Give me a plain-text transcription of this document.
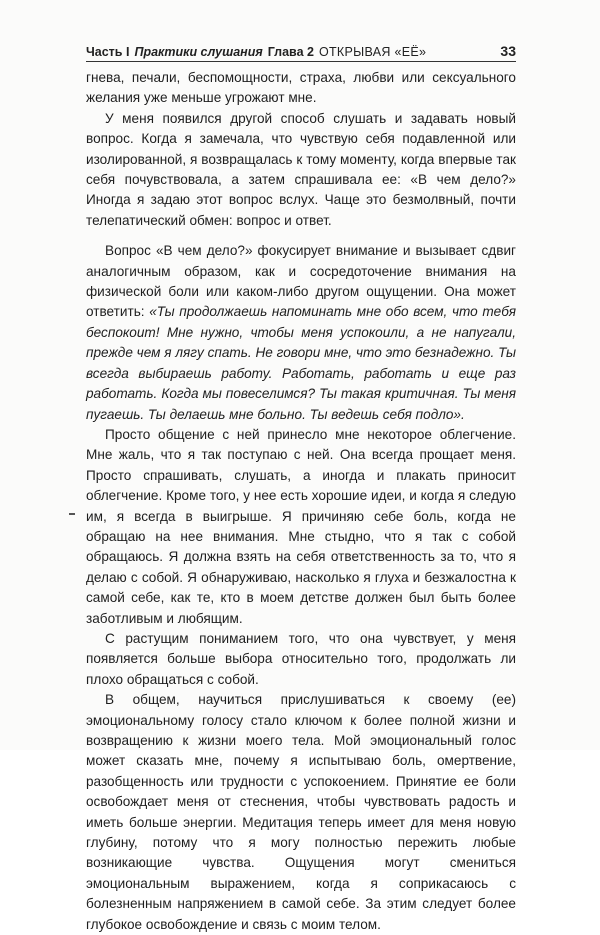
Часть I Практики слушания Глава 2 ОТКРЫВАЯ «ЕЁ»	33

гнева, печали, беспомощности, страха, любви или сексуального желания уже меньше угрожают мне.

У меня появился другой способ слушать и задавать новый вопрос. Когда я замечала, что чувствую себя подавленной или изолированной, я возвращалась к тому моменту, когда впервые так себя почувствовала, а затем спрашивала ее: «В чем дело?» Иногда я задаю этот вопрос вслух. Чаще это безмолвный, почти телепатический обмен: вопрос и ответ.

Вопрос «В чем дело?» фокусирует внимание и вызывает сдвиг аналогичным образом, как и сосредоточение внимания на физической боли или каком-либо другом ощущении. Она может ответить: «Ты продолжаешь напоминать мне обо всем, что тебя беспокоит! Мне нужно, чтобы меня успокоили, а не напугали, прежде чем я лягу спать. Не говори мне, что это безнадежно. Ты всегда выбираешь работу. Работать, работать и еще раз работать. Когда мы повеселимся? Ты такая критичная. Ты меня пугаешь. Ты делаешь мне больно. Ты ведешь себя подло».

Просто общение с ней принесло мне некоторое облегчение. Мне жаль, что я так поступаю с ней. Она всегда прощает меня. Просто спрашивать, слушать, а иногда и плакать приносит облегчение. Кроме того, у нее есть хорошие идеи, и когда я следую им, я всегда в выигрыше. Я причиняю себе боль, когда не обращаю на нее внимания. Мне стыдно, что я так с собой обращаюсь. Я должна взять на себя ответственность за то, что я делаю с собой. Я обнаруживаю, насколько я глуха и безжалостна к самой себе, как те, кто в моем детстве должен был быть более заботливым и любящим.

С растущим пониманием того, что она чувствует, у меня появляется больше выбора относительно того, продолжать ли плохо обращаться с собой.

В общем, научиться прислушиваться к своему (ее) эмоциональному голосу стало ключом к более полной жизни и возвращению к жизни моего тела. Мой эмоциональный голос может сказать мне, почему я испытываю боль, омертвение, разобщенность или трудности с успокоением. Принятие ее боли освобождает меня от стеснения, чтобы чувствовать радость и иметь больше энергии. Медитация теперь имеет для меня новую глубину, потому что я могу полностью пережить любые возникающие чувства. Ощущения могут смениться эмоциональным выражением, когда я соприкасаюсь с болезненным напряжением в самой себе. За этим следует более глубокое освобождение и связь с моим телом.
